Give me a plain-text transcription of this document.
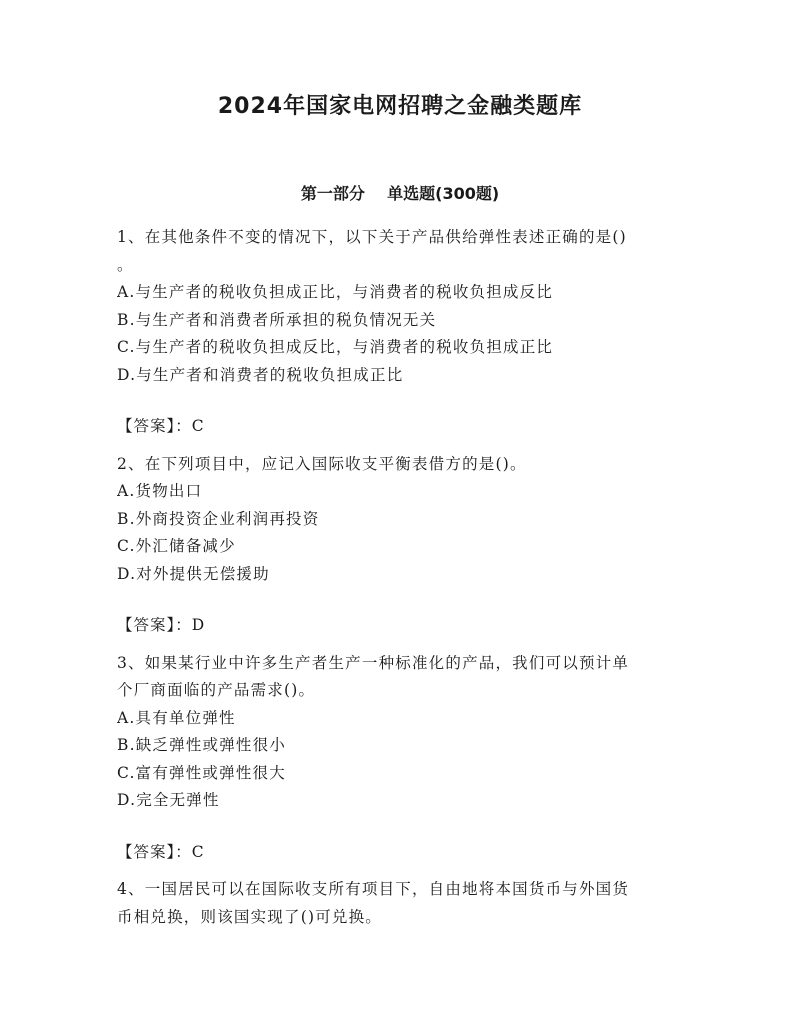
2024年国家电网招聘之金融类题库
第一部分    单选题(300题)
1、在其他条件不变的情况下，以下关于产品供给弹性表述正确的是()
。
A.与生产者的税收负担成正比，与消费者的税收负担成反比
B.与生产者和消费者所承担的税负情况无关
C.与生产者的税收负担成反比，与消费者的税收负担成正比
D.与生产者和消费者的税收负担成正比
【答案】：C
2、在下列项目中，应记入国际收支平衡表借方的是()。
A.货物出口
B.外商投资企业利润再投资
C.外汇储备减少
D.对外提供无偿援助
【答案】：D
3、如果某行业中许多生产者生产一种标准化的产品，我们可以预计单
个厂商面临的产品需求()。
A.具有单位弹性
B.缺乏弹性或弹性很小
C.富有弹性或弹性很大
D.完全无弹性
【答案】：C
4、一国居民可以在国际收支所有项目下，自由地将本国货币与外国货
币相兑换，则该国实现了()可兑换。
